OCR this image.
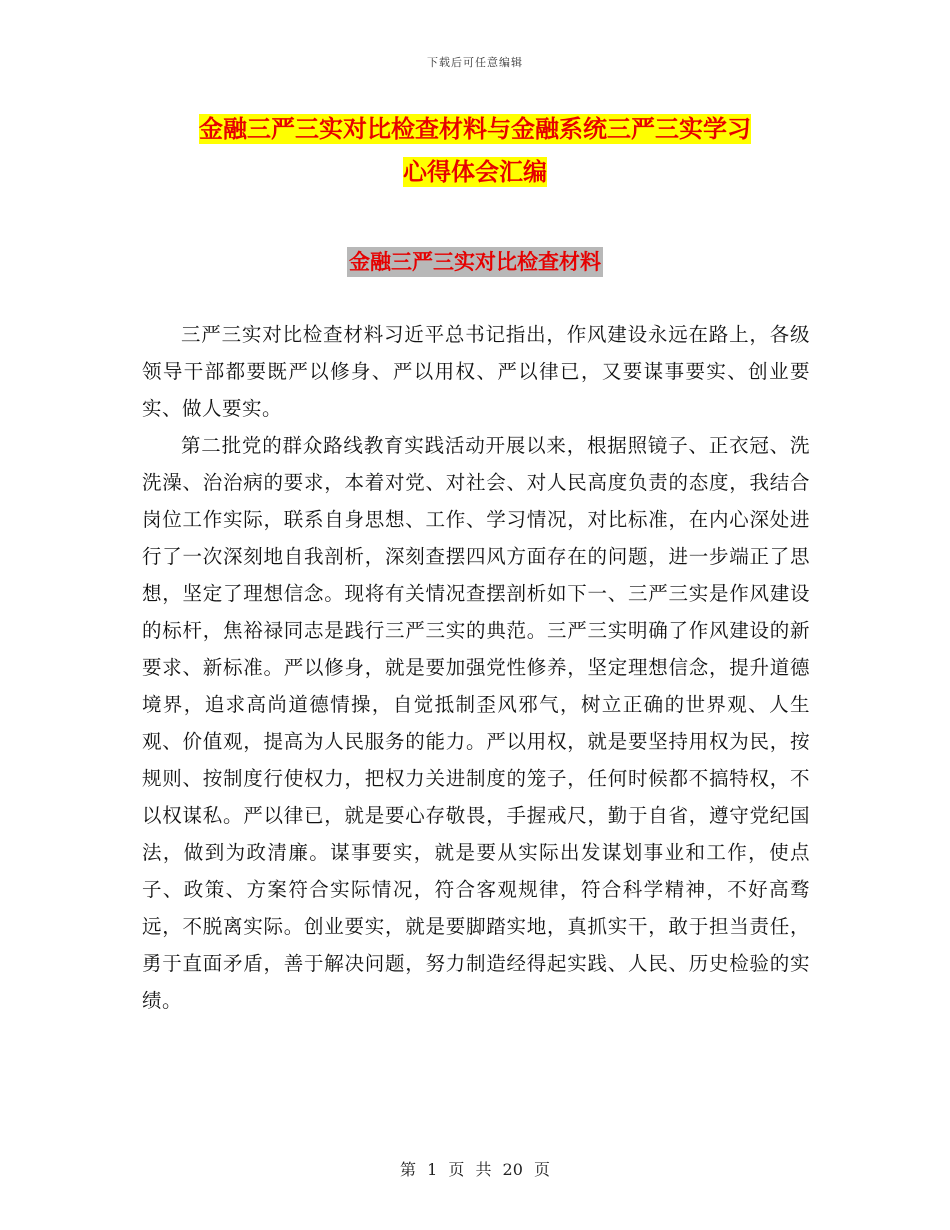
下载后可任意编辑
金融三严三实对比检查材料与金融系统三严三实学习
心得体会汇编
金融三严三实对比检查材料

三严三实对比检查材料习近平总书记指出，作风建设永远在路上，各级领导干部都要既严以修身、严以用权、严以律已，又要谋事要实、创业要实、做人要实。

第二批党的群众路线教育实践活动开展以来，根据照镜子、正衣冠、洗洗澡、治治病的要求，本着对党、对社会、对人民高度负责的态度，我结合岗位工作实际，联系自身思想、工作、学习情况，对比标准，在内心深处进行了一次深刻地自我剖析，深刻查摆四风方面存在的问题，进一步端正了思想，坚定了理想信念。现将有关情况查摆剖析如下一、三严三实是作风建设的标杆，焦裕禄同志是践行三严三实的典范。三严三实明确了作风建设的新要求、新标准。严以修身，就是要加强党性修养，坚定理想信念，提升道德境界，追求高尚道德情操，自觉抵制歪风邪气，树立正确的世界观、人生观、价值观，提高为人民服务的能力。严以用权，就是要坚持用权为民，按规则、按制度行使权力，把权力关进制度的笼子，任何时候都不搞特权，不以权谋私。严以律已，就是要心存敬畏，手握戒尺，勤于自省，遵守党纪国法，做到为政清廉。谋事要实，就是要从实际出发谋划事业和工作，使点子、政策、方案符合实际情况，符合客观规律，符合科学精神，不好高骛远，不脱离实际。创业要实，就是要脚踏实地，真抓实干，敢于担当责任，勇于直面矛盾，善于解决问题，努力制造经得起实践、人民、历史检验的实绩。

第 1 页 共 20 页
